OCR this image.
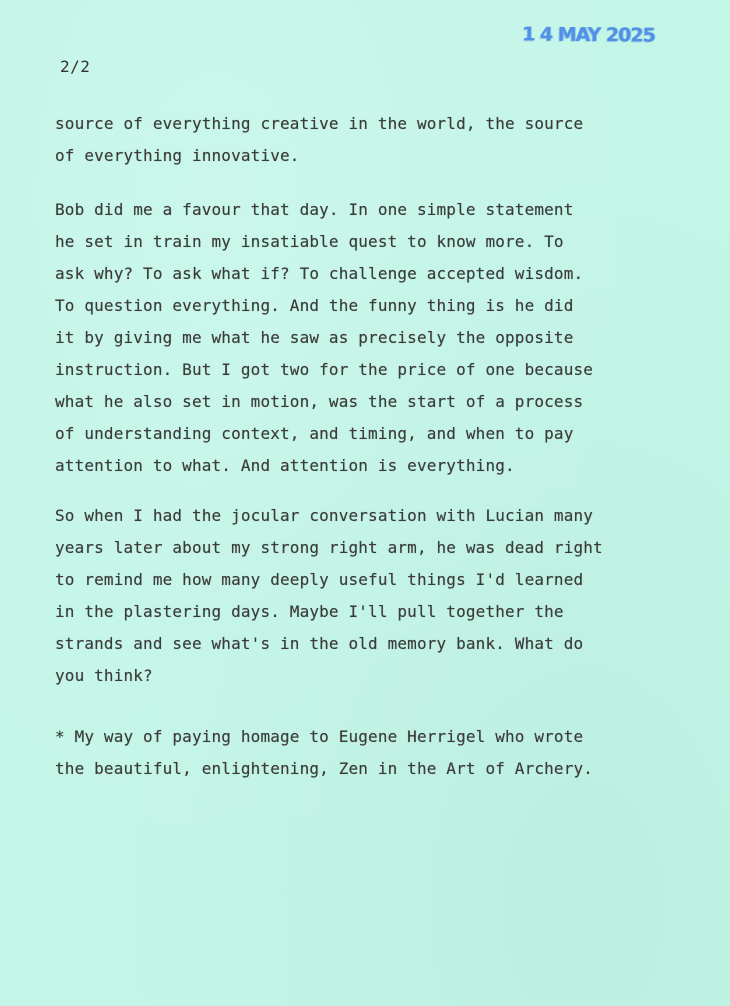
1 4 MAY 2025
2/2
source of everything creative in the world, the source
of everything innovative.
Bob did me a favour that day. In one simple statement
he set in train my insatiable quest to know more. To
ask why? To ask what if? To challenge accepted wisdom.
To question everything. And the funny thing is he did
it by giving me what he saw as precisely the opposite
instruction. But I got two for the price of one because
what he also set in motion, was the start of a process
of understanding context, and timing, and when to pay
attention to what. And attention is everything.
So when I had the jocular conversation with Lucian many
years later about my strong right arm, he was dead right
to remind me how many deeply useful things I'd learned
in the plastering days. Maybe I'll pull together the
strands and see what's in the old memory bank. What do
you think?
* My way of paying homage to Eugene Herrigel who wrote
the beautiful, enlightening, Zen in the Art of Archery.
